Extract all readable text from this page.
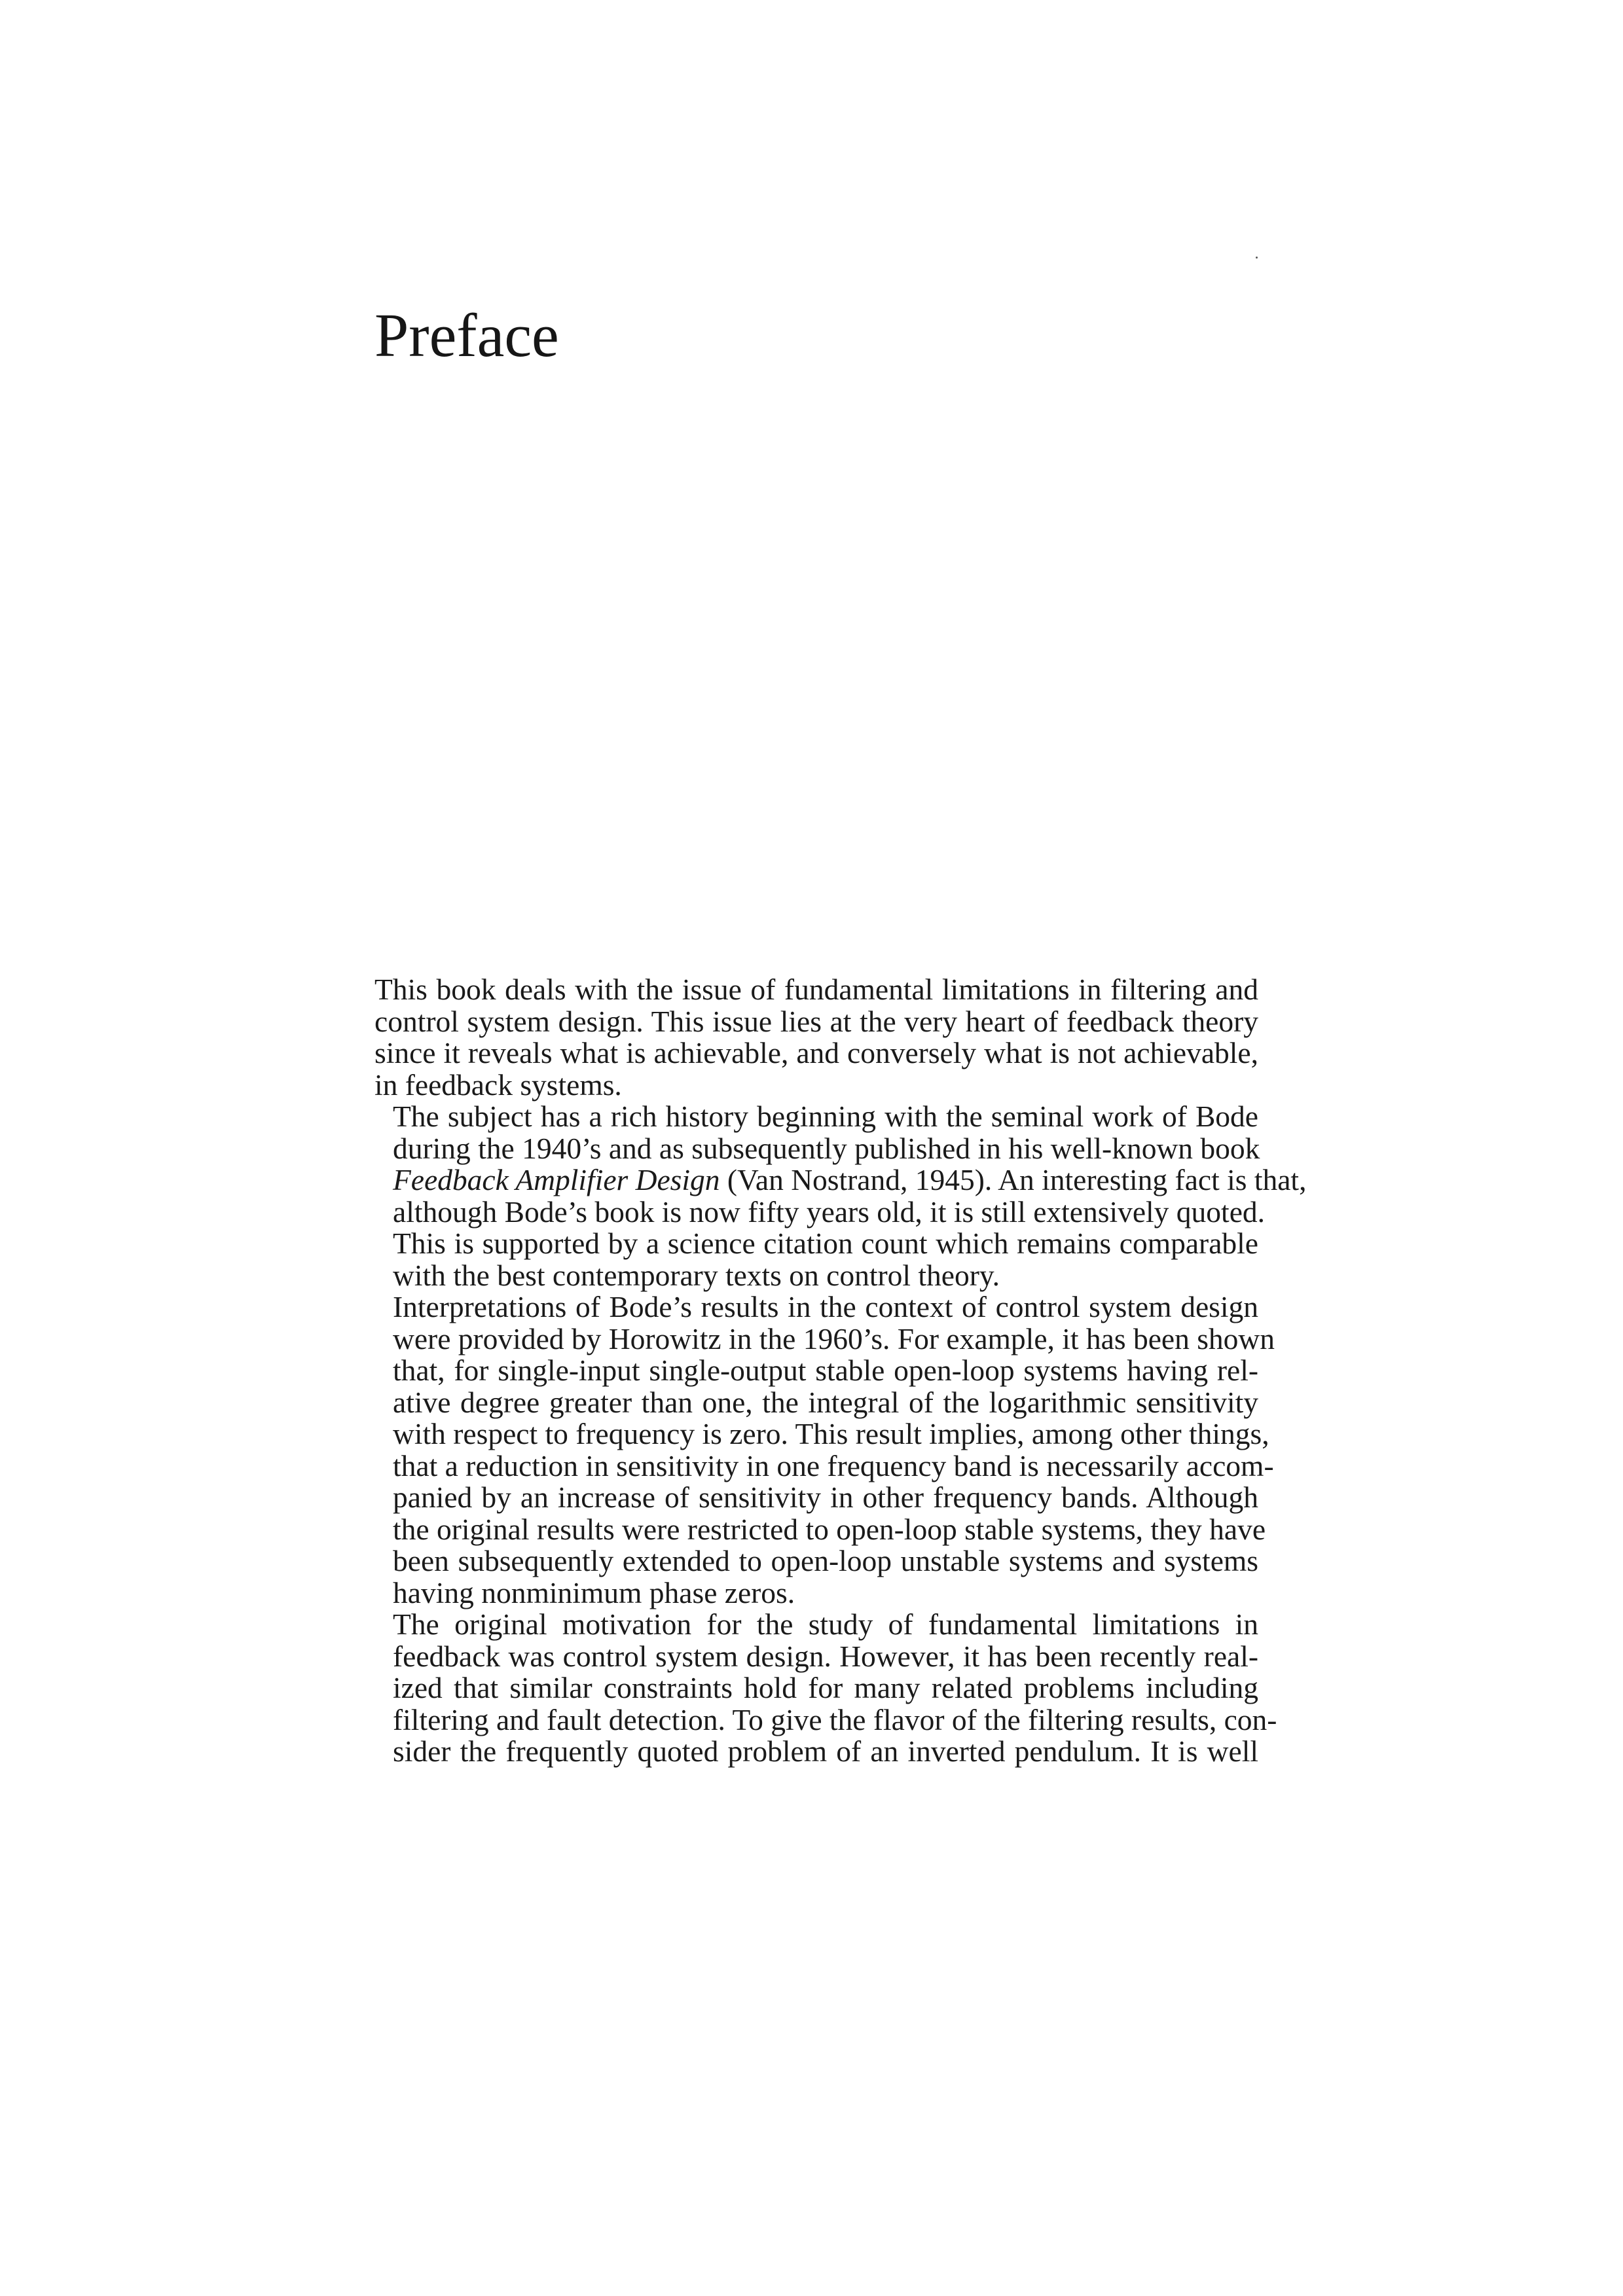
Preface

This book deals with the issue of fundamental limitations in filtering and
control system design. This issue lies at the very heart of feedback theory
since it reveals what is achievable, and conversely what is not achievable,
in feedback systems.

The subject has a rich history beginning with the seminal work of Bode
during the 1940’s and as subsequently published in his well-known book
Feedback Amplifier Design (Van Nostrand, 1945). An interesting fact is that,
although Bode’s book is now fifty years old, it is still extensively quoted.
This is supported by a science citation count which remains comparable
with the best contemporary texts on control theory.

Interpretations of Bode’s results in the context of control system design
were provided by Horowitz in the 1960’s. For example, it has been shown
that, for single-input single-output stable open-loop systems having rel-
ative degree greater than one, the integral of the logarithmic sensitivity
with respect to frequency is zero. This result implies, among other things,
that a reduction in sensitivity in one frequency band is necessarily accom-
panied by an increase of sensitivity in other frequency bands. Although
the original results were restricted to open-loop stable systems, they have
been subsequently extended to open-loop unstable systems and systems
having nonminimum phase zeros.

The original motivation for the study of fundamental limitations in
feedback was control system design. However, it has been recently real-
ized that similar constraints hold for many related problems including
filtering and fault detection. To give the flavor of the filtering results, con-
sider the frequently quoted problem of an inverted pendulum. It is well
